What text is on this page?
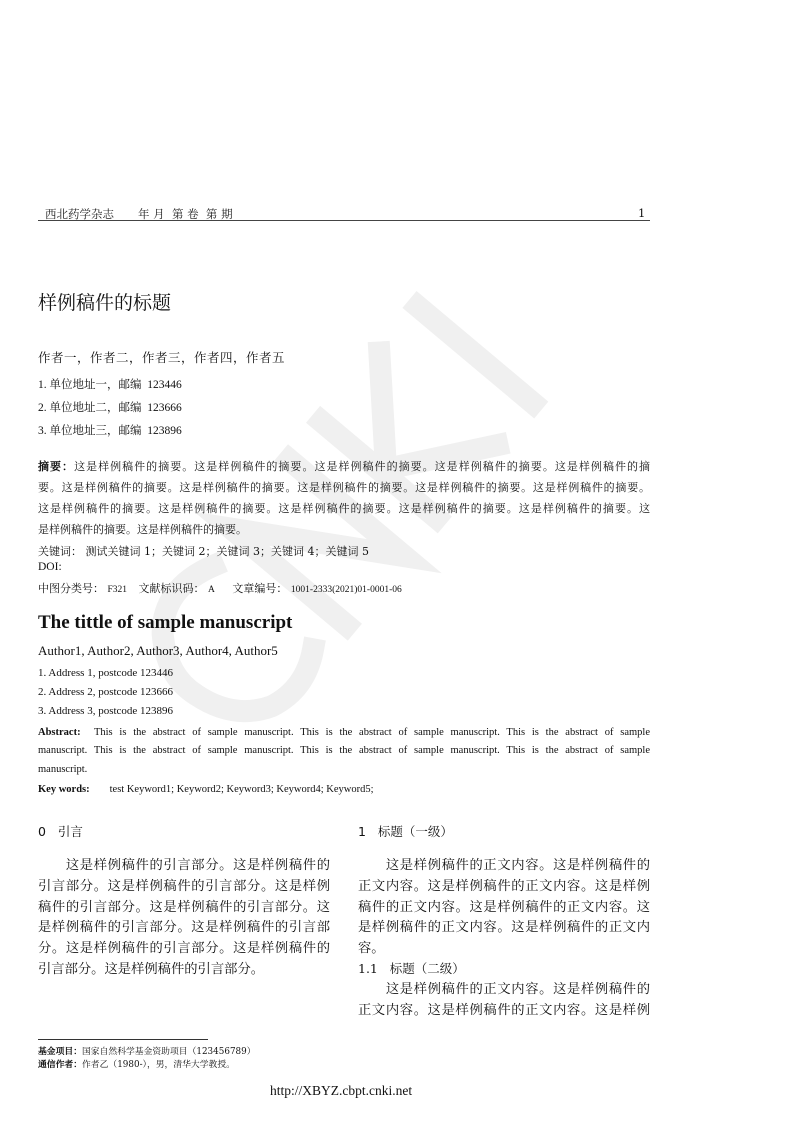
西北药学杂志 年 月  第 卷  第 期	1
样例稿件的标题
作者一，作者二，作者三，作者四，作者五
1. 单位地址一，邮编  123446
2. 单位地址二，邮编  123666
3. 单位地址三，邮编  123896
摘要：这是样例稿件的摘要。这是样例稿件的摘要。这是样例稿件的摘要。这是样例稿件的摘要。这是样例稿件的摘
要。这是样例稿件的摘要。这是样例稿件的摘要。这是样例稿件的摘要。这是样例稿件的摘要。这是样例稿件的摘要。
这是样例稿件的摘要。这是样例稿件的摘要。这是样例稿件的摘要。这是样例稿件的摘要。这是样例稿件的摘要。这
是样例稿件的摘要。这是样例稿件的摘要。
关键词： 测试关键词 1；关键词 2；关键词 3；关键词 4；关键词 5
DOI:
中图分类号： F321 文献标识码： A 文章编号： 1001-2333(2021)01-0001-06
The tittle of sample manuscript
Author1, Author2, Author3, Author4, Author5
1. Address 1, postcode 123446
2. Address 2, postcode 123666
3. Address 3, postcode 123896
Abstract: This is the abstract of sample manuscript. This is the abstract of sample manuscript. This is the abstract of sample
manuscript. This is the abstract of sample manuscript. This is the abstract of sample manuscript. This is the abstract of sample
manuscript.
Key words: test Keyword1; Keyword2; Keyword3; Keyword4; Keyword5;
0   引言
　　这是样例稿件的引言部分。这是样例稿件的
引言部分。这是样例稿件的引言部分。这是样例
稿件的引言部分。这是样例稿件的引言部分。这
是样例稿件的引言部分。这是样例稿件的引言部
分。这是样例稿件的引言部分。这是样例稿件的
引言部分。这是样例稿件的引言部分。
1   标题（一级）
　　这是样例稿件的正文内容。这是样例稿件的
正文内容。这是样例稿件的正文内容。这是样例
稿件的正文内容。这是样例稿件的正文内容。这
是样例稿件的正文内容。这是样例稿件的正文内
容。
1.1   标题（二级）
　　这是样例稿件的正文内容。这是样例稿件的
正文内容。这是样例稿件的正文内容。这是样例
基金项目：国家自然科学基金资助项目（123456789）
通信作者：作者乙（1980-），男，清华大学教授。
http://XBYZ.cbpt.cnki.net
